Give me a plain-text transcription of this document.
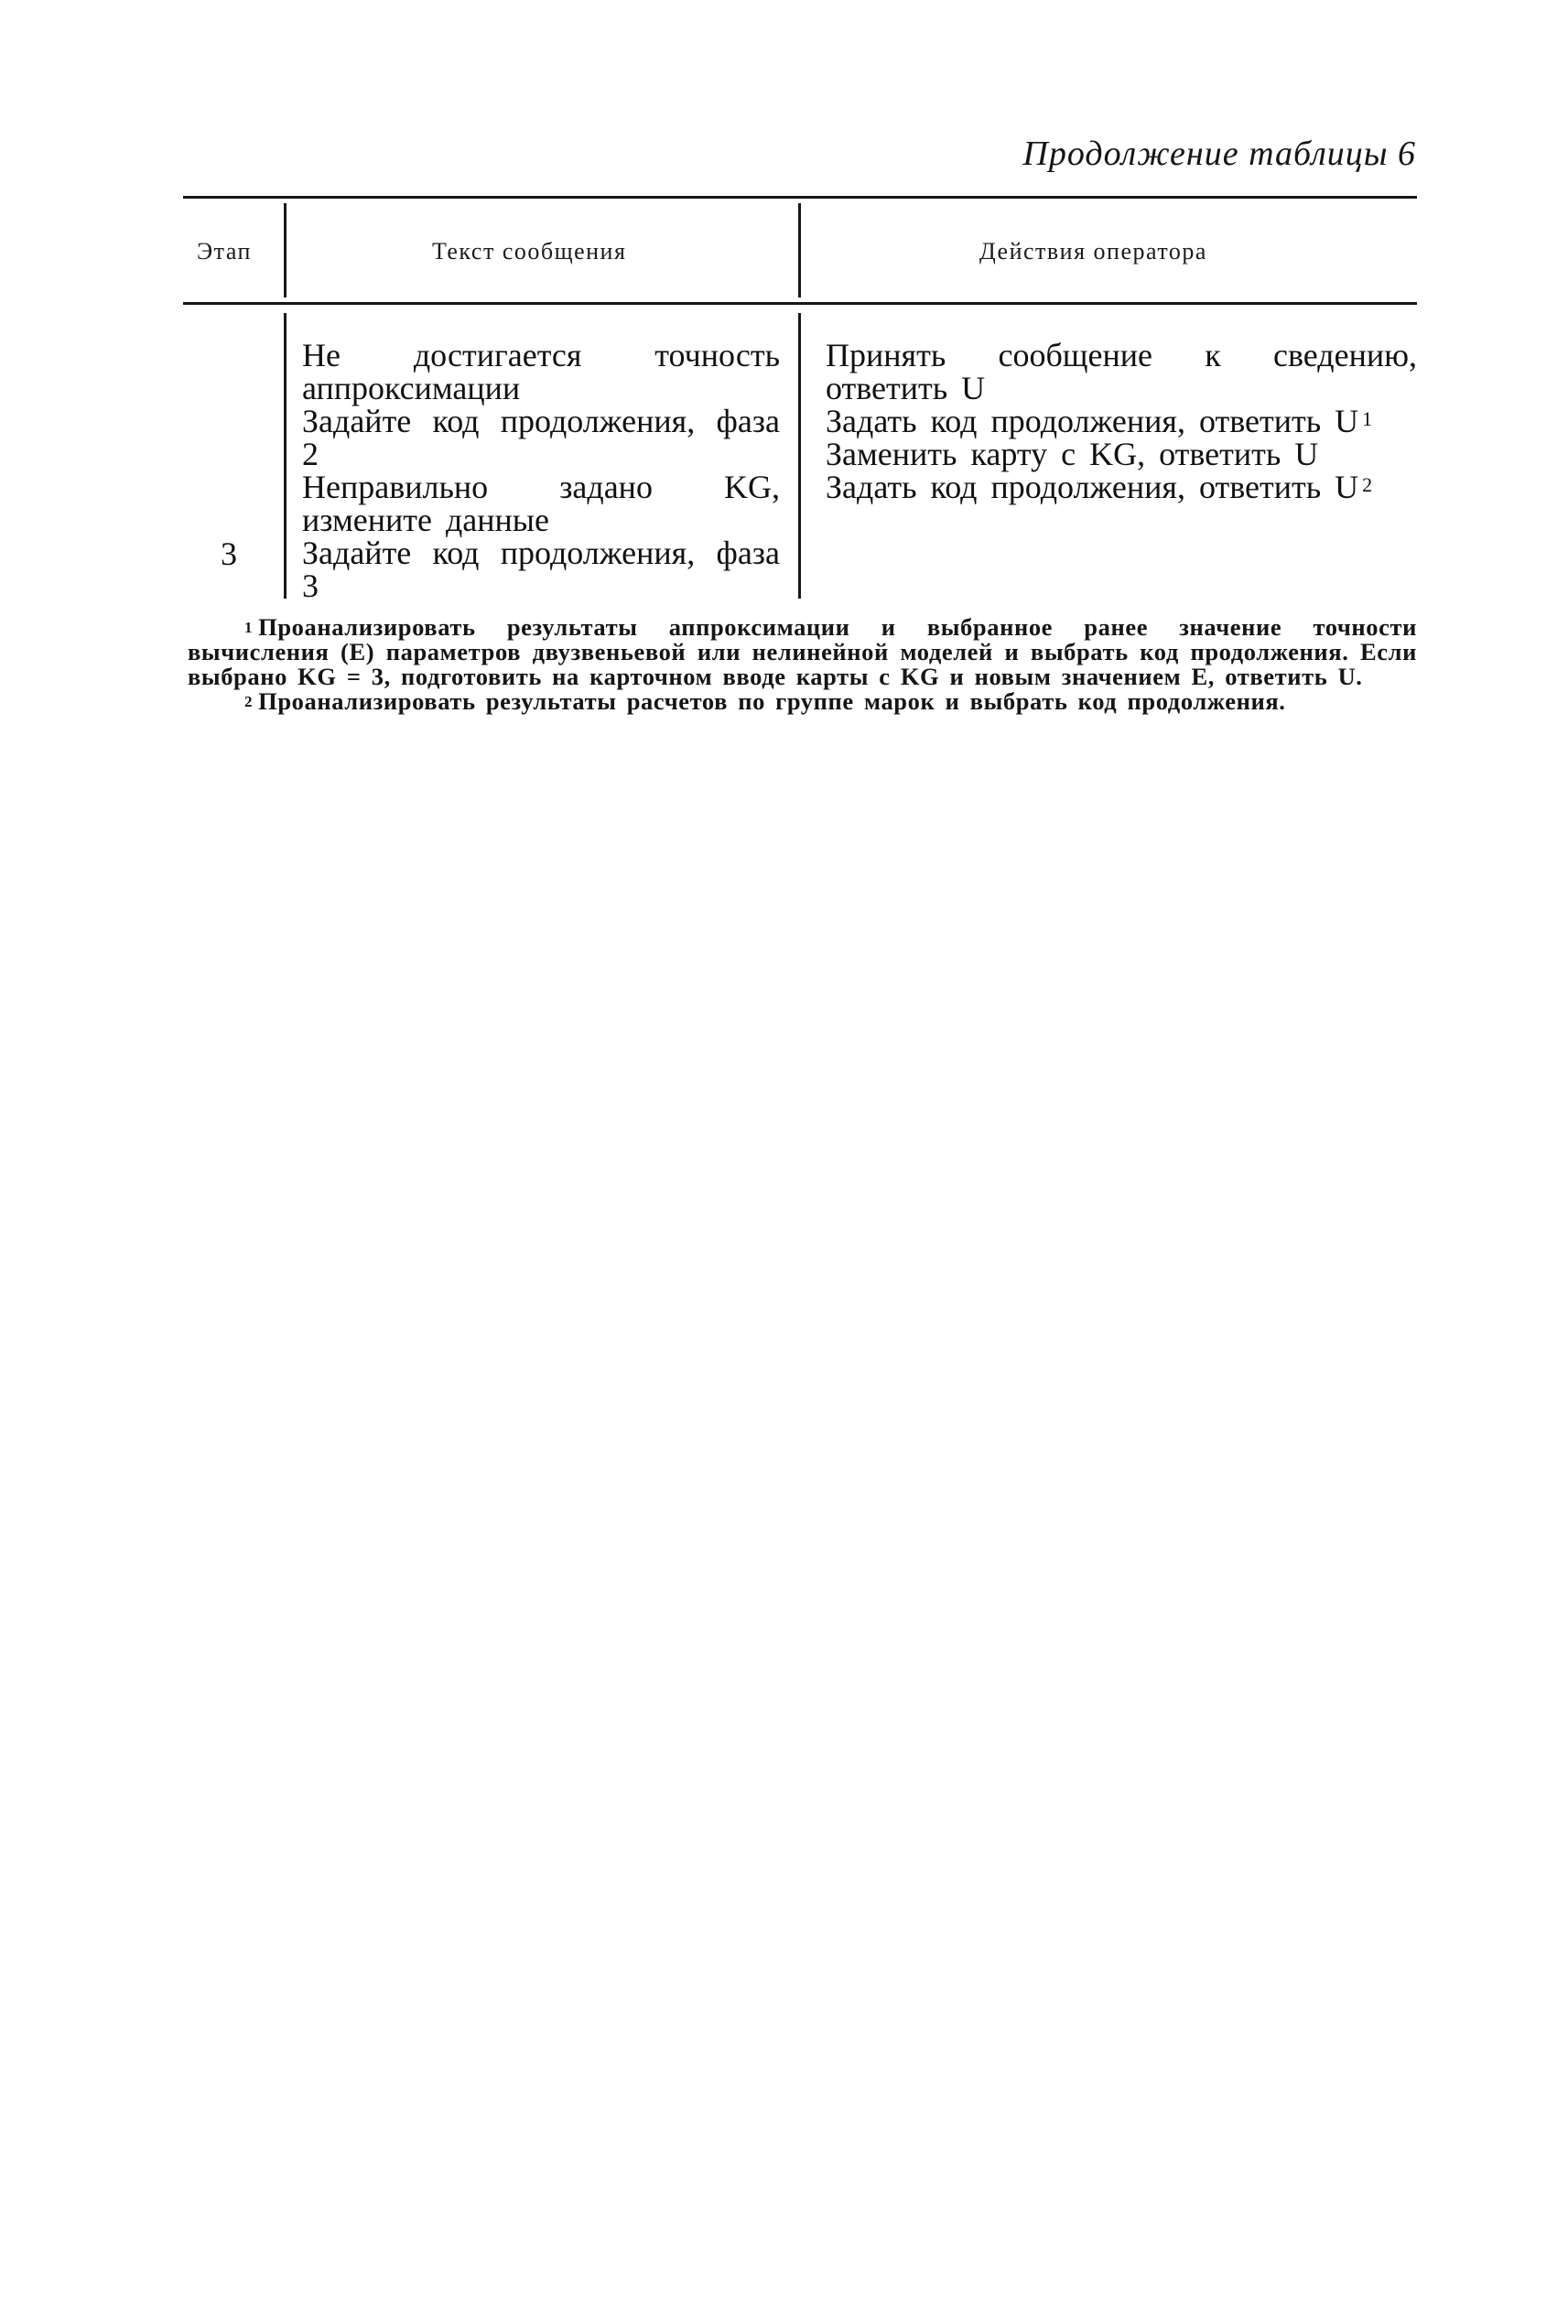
Продолжение таблицы 6
Этап	Текст сообщения	Действия оператора
3
Не достигается точность аппроксимации
Задайте код продолжения, фаза 2
Неправильно задано KG, измените данные
Задайте код продолжения, фаза 3
Принять сообщение к сведению, ответить U
Задать код продолжения, ответить U $^1$
Заменить карту с KG, ответить U
Задать код продолжения, ответить U $^2$
$^1$ Проанализировать результаты аппроксимации и выбранное ранее значение точности вычисления (E) параметров двузвеньевой или нелинейной моделей и выбрать код продолжения. Если выбрано KG = 3, подготовить на карточном вводе карты с KG и новым значением E, ответить U.
$^2$ Проанализировать результаты расчетов по группе марок и выбрать код продолжения.
